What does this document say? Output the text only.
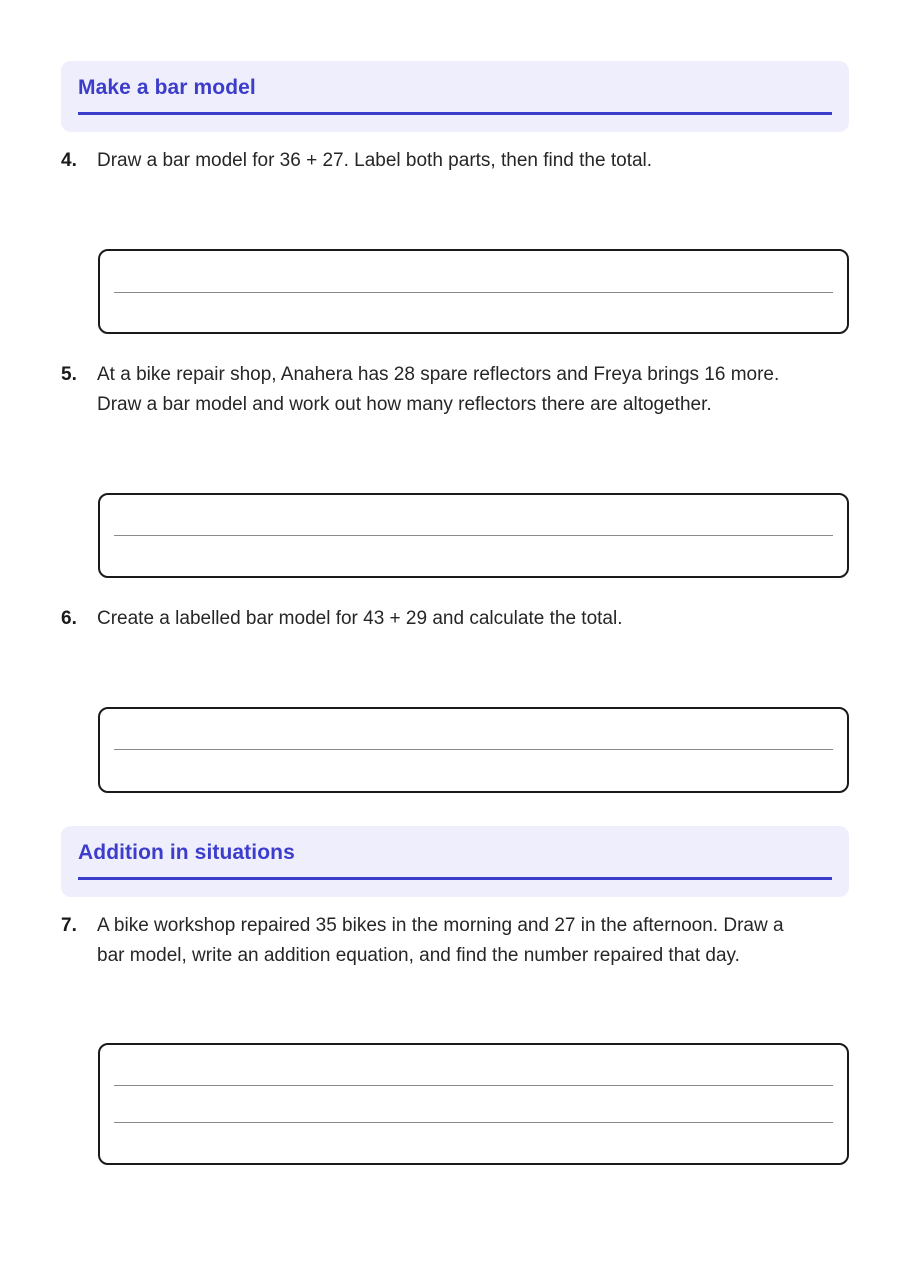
Make a bar model
4. Draw a bar model for 36 + 27. Label both parts, then find the total.
5. At a bike repair shop, Anahera has 28 spare reflectors and Freya brings 16 more.
Draw a bar model and work out how many reflectors there are altogether.
6. Create a labelled bar model for 43 + 29 and calculate the total.
Addition in situations
7. A bike workshop repaired 35 bikes in the morning and 27 in the afternoon. Draw a
bar model, write an addition equation, and find the number repaired that day.
